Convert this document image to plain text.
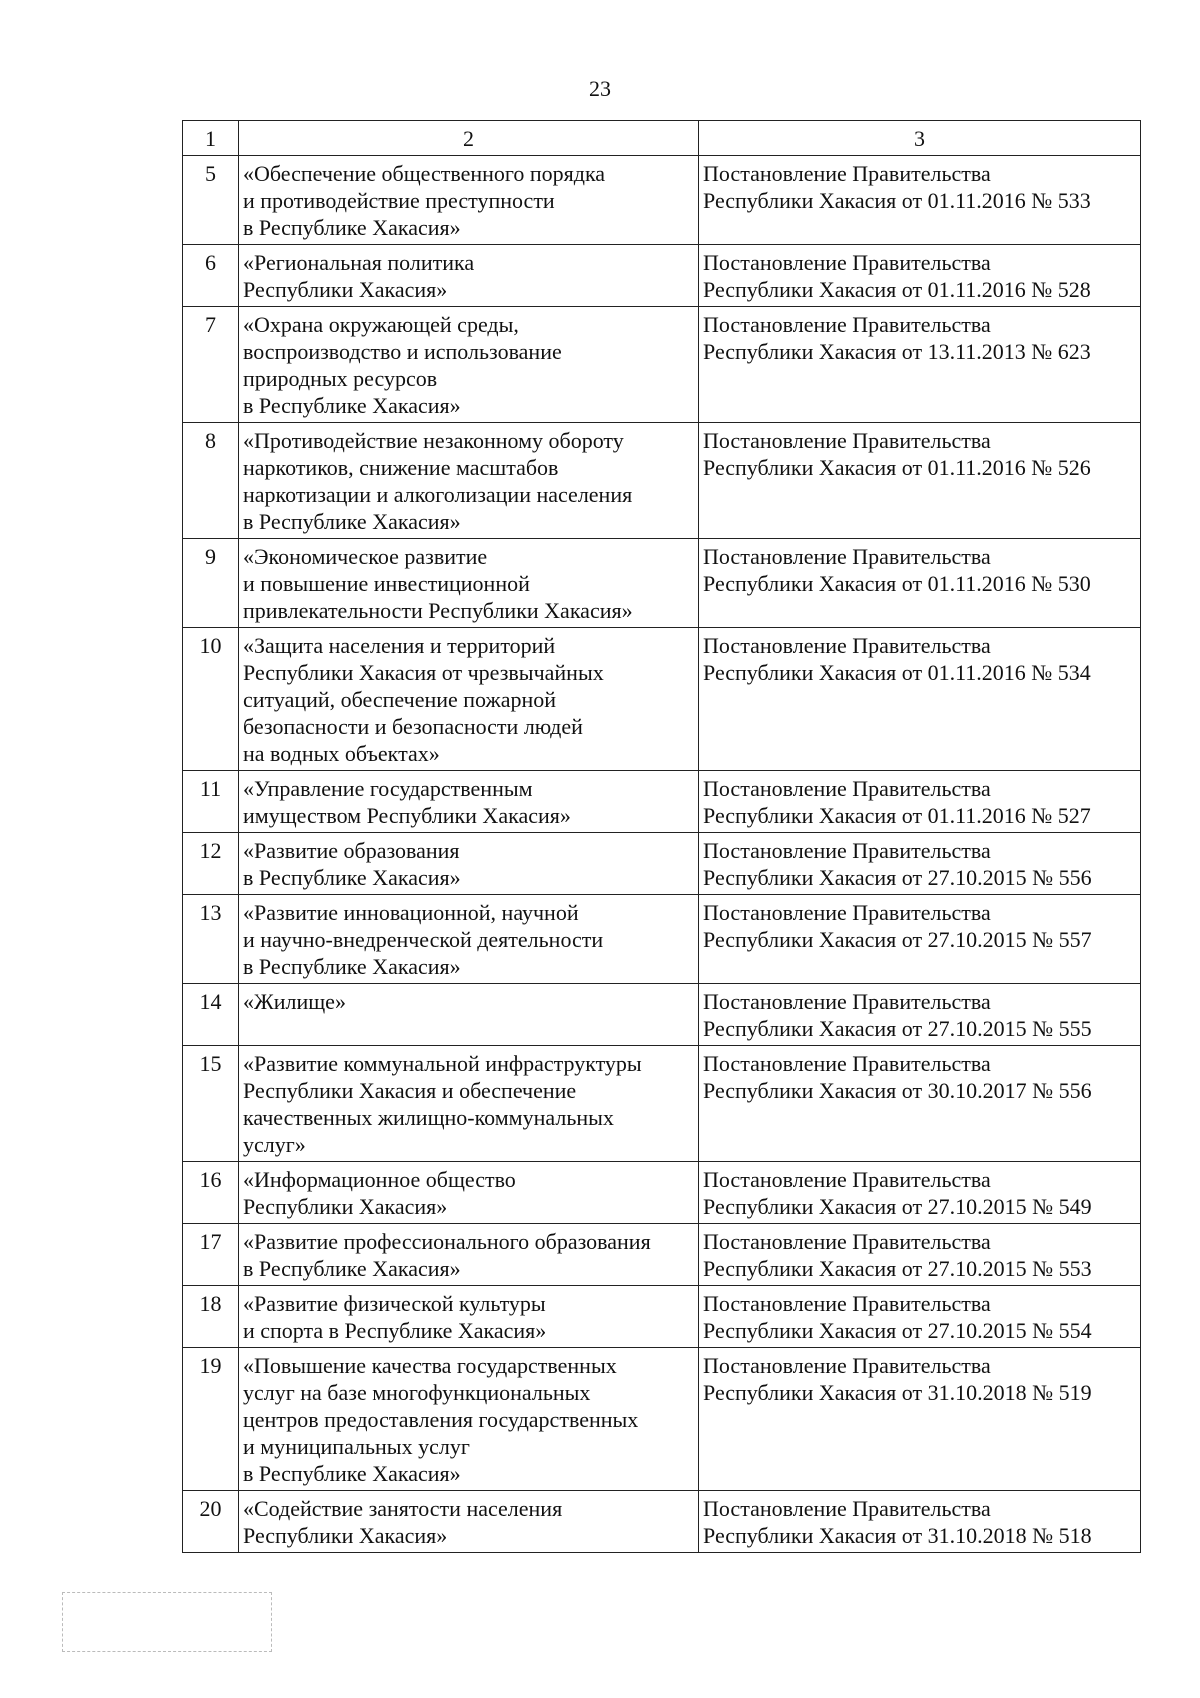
23
1	2	3
5	«Обеспечение общественного порядка
и противодействие преступности
в Республике Хакасия»	Постановление Правительства
Республики Хакасия от 01.11.2016 № 533

6	«Региональная политика
Республики Хакасия»	Постановление Правительства
Республики Хакасия от 01.11.2016 № 528

7	«Охрана окружающей среды,
воспроизводство и использование
природных ресурсов
в Республике Хакасия»	Постановление Правительства
Республики Хакасия от 13.11.2013 № 623

8	«Противодействие незаконному обороту
наркотиков, снижение масштабов
наркотизации и алкоголизации населения
в Республике Хакасия»	Постановление Правительства
Республики Хакасия от 01.11.2016 № 526

9	«Экономическое развитие
и повышение инвестиционной
привлекательности Республики Хакасия»	Постановление Правительства
Республики Хакасия от 01.11.2016 № 530

10	«Защита населения и территорий
Республики Хакасия от чрезвычайных
ситуаций, обеспечение пожарной
безопасности и безопасности людей
на водных объектах»	Постановление Правительства
Республики Хакасия от 01.11.2016 № 534

11	«Управление государственным
имуществом Республики Хакасия»	Постановление Правительства
Республики Хакасия от 01.11.2016 № 527

12	«Развитие образования
в Республике Хакасия»	Постановление Правительства
Республики Хакасия от 27.10.2015 № 556

13	«Развитие инновационной, научной
и научно-внедренческой деятельности
в Республике Хакасия»	Постановление Правительства
Республики Хакасия от 27.10.2015 № 557

14	«Жилище»	Постановление Правительства
Республики Хакасия от 27.10.2015 № 555

15	«Развитие коммунальной инфраструктуры
Республики Хакасия и обеспечение
качественных жилищно-коммунальных
услуг»	Постановление Правительства
Республики Хакасия от 30.10.2017 № 556

16	«Информационное общество
Республики Хакасия»	Постановление Правительства
Республики Хакасия от 27.10.2015 № 549

17	«Развитие профессионального образования
в Республике Хакасия»	Постановление Правительства
Республики Хакасия от 27.10.2015 № 553

18	«Развитие физической культуры
и спорта в Республике Хакасия»	Постановление Правительства
Республики Хакасия от 27.10.2015 № 554

19	«Повышение качества государственных
услуг на базе многофункциональных
центров предоставления государственных
и муниципальных услуг
в Республике Хакасия»	Постановление Правительства
Республики Хакасия от 31.10.2018 № 519

20	«Содействие занятости населения
Республики Хакасия»	Постановление Правительства
Республики Хакасия от 31.10.2018 № 518
